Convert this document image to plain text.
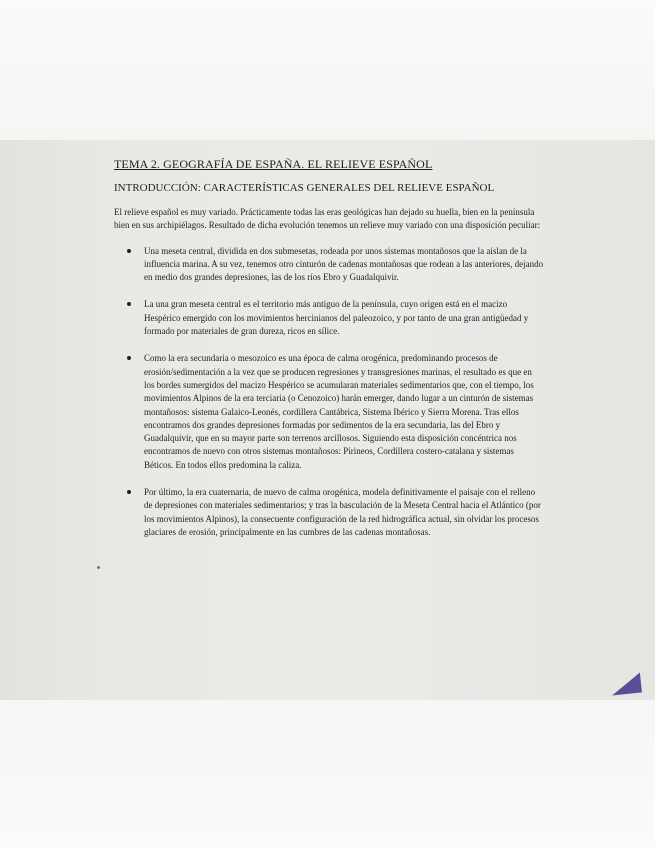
TEMA 2. GEOGRAFÍA DE ESPAÑA. EL RELIEVE ESPAÑOL
INTRODUCCIÓN: CARACTERÍSTICAS GENERALES DEL RELIEVE ESPAÑOL

El relieve español es muy variado. Prácticamente todas las eras geológicas han dejado su huella, bien en la península bien en sus archipiélagos. Resultado de dicha evolución tenemos un relieve muy variado con una disposición peculiar:

Una meseta central, dividida en dos submesetas, rodeada por unos sistemas montañosos que la aíslan de la influencia marina. A su vez, tenemos otro cinturón de cadenas montañosas que rodean a las anteriores, dejando en medio dos grandes depresiones, las de los ríos Ebro y Guadalquivir.
La una gran meseta central es el territorio más antiguo de la península, cuyo origen está en el macizo Hespérico emergido con los movimientos hercinianos del paleozoico, y por tanto de una gran antigüedad y formado por materiales de gran dureza, ricos en sílice.
Como la era secundaria o mesozoico es una época de calma orogénica, predominando procesos de erosión/sedimentación a la vez que se producen regresiones y transgresiones marinas, el resultado es que en los bordes sumergidos del macizo Hespérico se acumularan materiales sedimentarios que, con el tiempo, los movimientos Alpinos de la era terciaria (o Cenozoico) harán emerger, dando lugar a un cinturón de sistemas montañosos: sistema Galaico-Leonés, cordillera Cantábrica, Sistema Ibérico y Sierra Morena. Tras ellos encontramos dos grandes depresiones formadas por sedimentos de la era secundaria, las del Ebro y Guadalquivir, que en su mayor parte son terrenos arcillosos. Siguiendo esta disposición concéntrica nos encontramos de nuevo con otros sistemas montañosos: Pirineos, Cordillera costero-catalana y sistemas Béticos. En todos ellos predomina la caliza.
Por último, la era cuaternaria, de nuevo de calma orogénica, modela definitivamente el paisaje con el relleno de depresiones con materiales sedimentarios; y tras la basculación de la Meseta Central hacia el Atlántico (por los movimientos Alpinos), la consecuente configuración de la red hidrográfica actual, sin olvidar los procesos glaciares de erosión, principalmente en las cumbres de las cadenas montañosas.
